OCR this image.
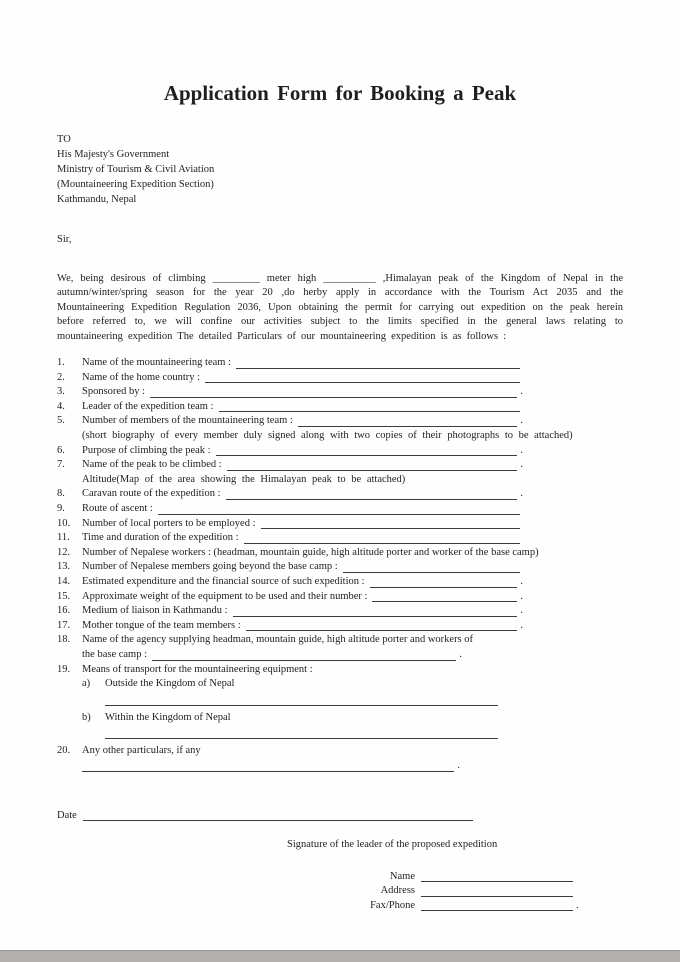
Application Form for Booking a Peak
TO
His Majesty's Government
Ministry of Tourism & Civil Aviation
(Mountaineering Expedition Section)
Kathmandu, Nepal
Sir,
We, being desirous of climbing _________ meter high __________ ,Himalayan peak of the Kingdom of Nepal in the autumn/winter/spring season for the year 20 ,do herby apply in accordance with the Tourism Act 2035 and the Mountaineering Expedition Regulation 2036, Upon obtaining the permit for carrying out expedition on the peak herein before referred to, we will confine our activities subject to the limits specified in the general laws relating to mountaineering expedition The detailed Particulars of our mountaineering expedition is as follows :
1.	Name of the mountaineering team :
2.	Name of the home country :
3.	Sponsored by :	.
4.	Leader of the expedition team :
5.	Number of members of the mountaineering team :	.
(short biography of every member duly signed along with two copies of their photographs to be attached)
6.	Purpose of climbing the peak :	.
7.	Name of the peak to be climbed :	.
Altitude(Map of the area showing the Himalayan peak to be attached)
8.	Caravan route of the expedition :	.
9.	Route of ascent :
10.	Number of local porters to be employed :
11.	Time and duration of the expedition :
12.	Number of Nepalese workers : (headman, mountain guide, high altitude porter and worker of the base camp)
13.	Number of Nepalese members going beyond the base camp :
14.	Estimated expenditure and the financial source of such expedition :	.
15.	Approximate weight of the equipment to be used and their number :	.
16.	Medium of liaison in Kathmandu :	.
17.	Mother tongue of the team members :	.
18.	Name of the agency supplying headman, mountain guide, high altitude porter and workers of
the base camp :	.
19.	Means of transport for the mountaineering equipment :
a)	Outside the Kingdom of Nepal
b)	Within the Kingdom of Nepal
20.	Any other particulars, if any
.
Date
Signature of the leader of the proposed expedition
Name
Address
Fax/Phone	.
